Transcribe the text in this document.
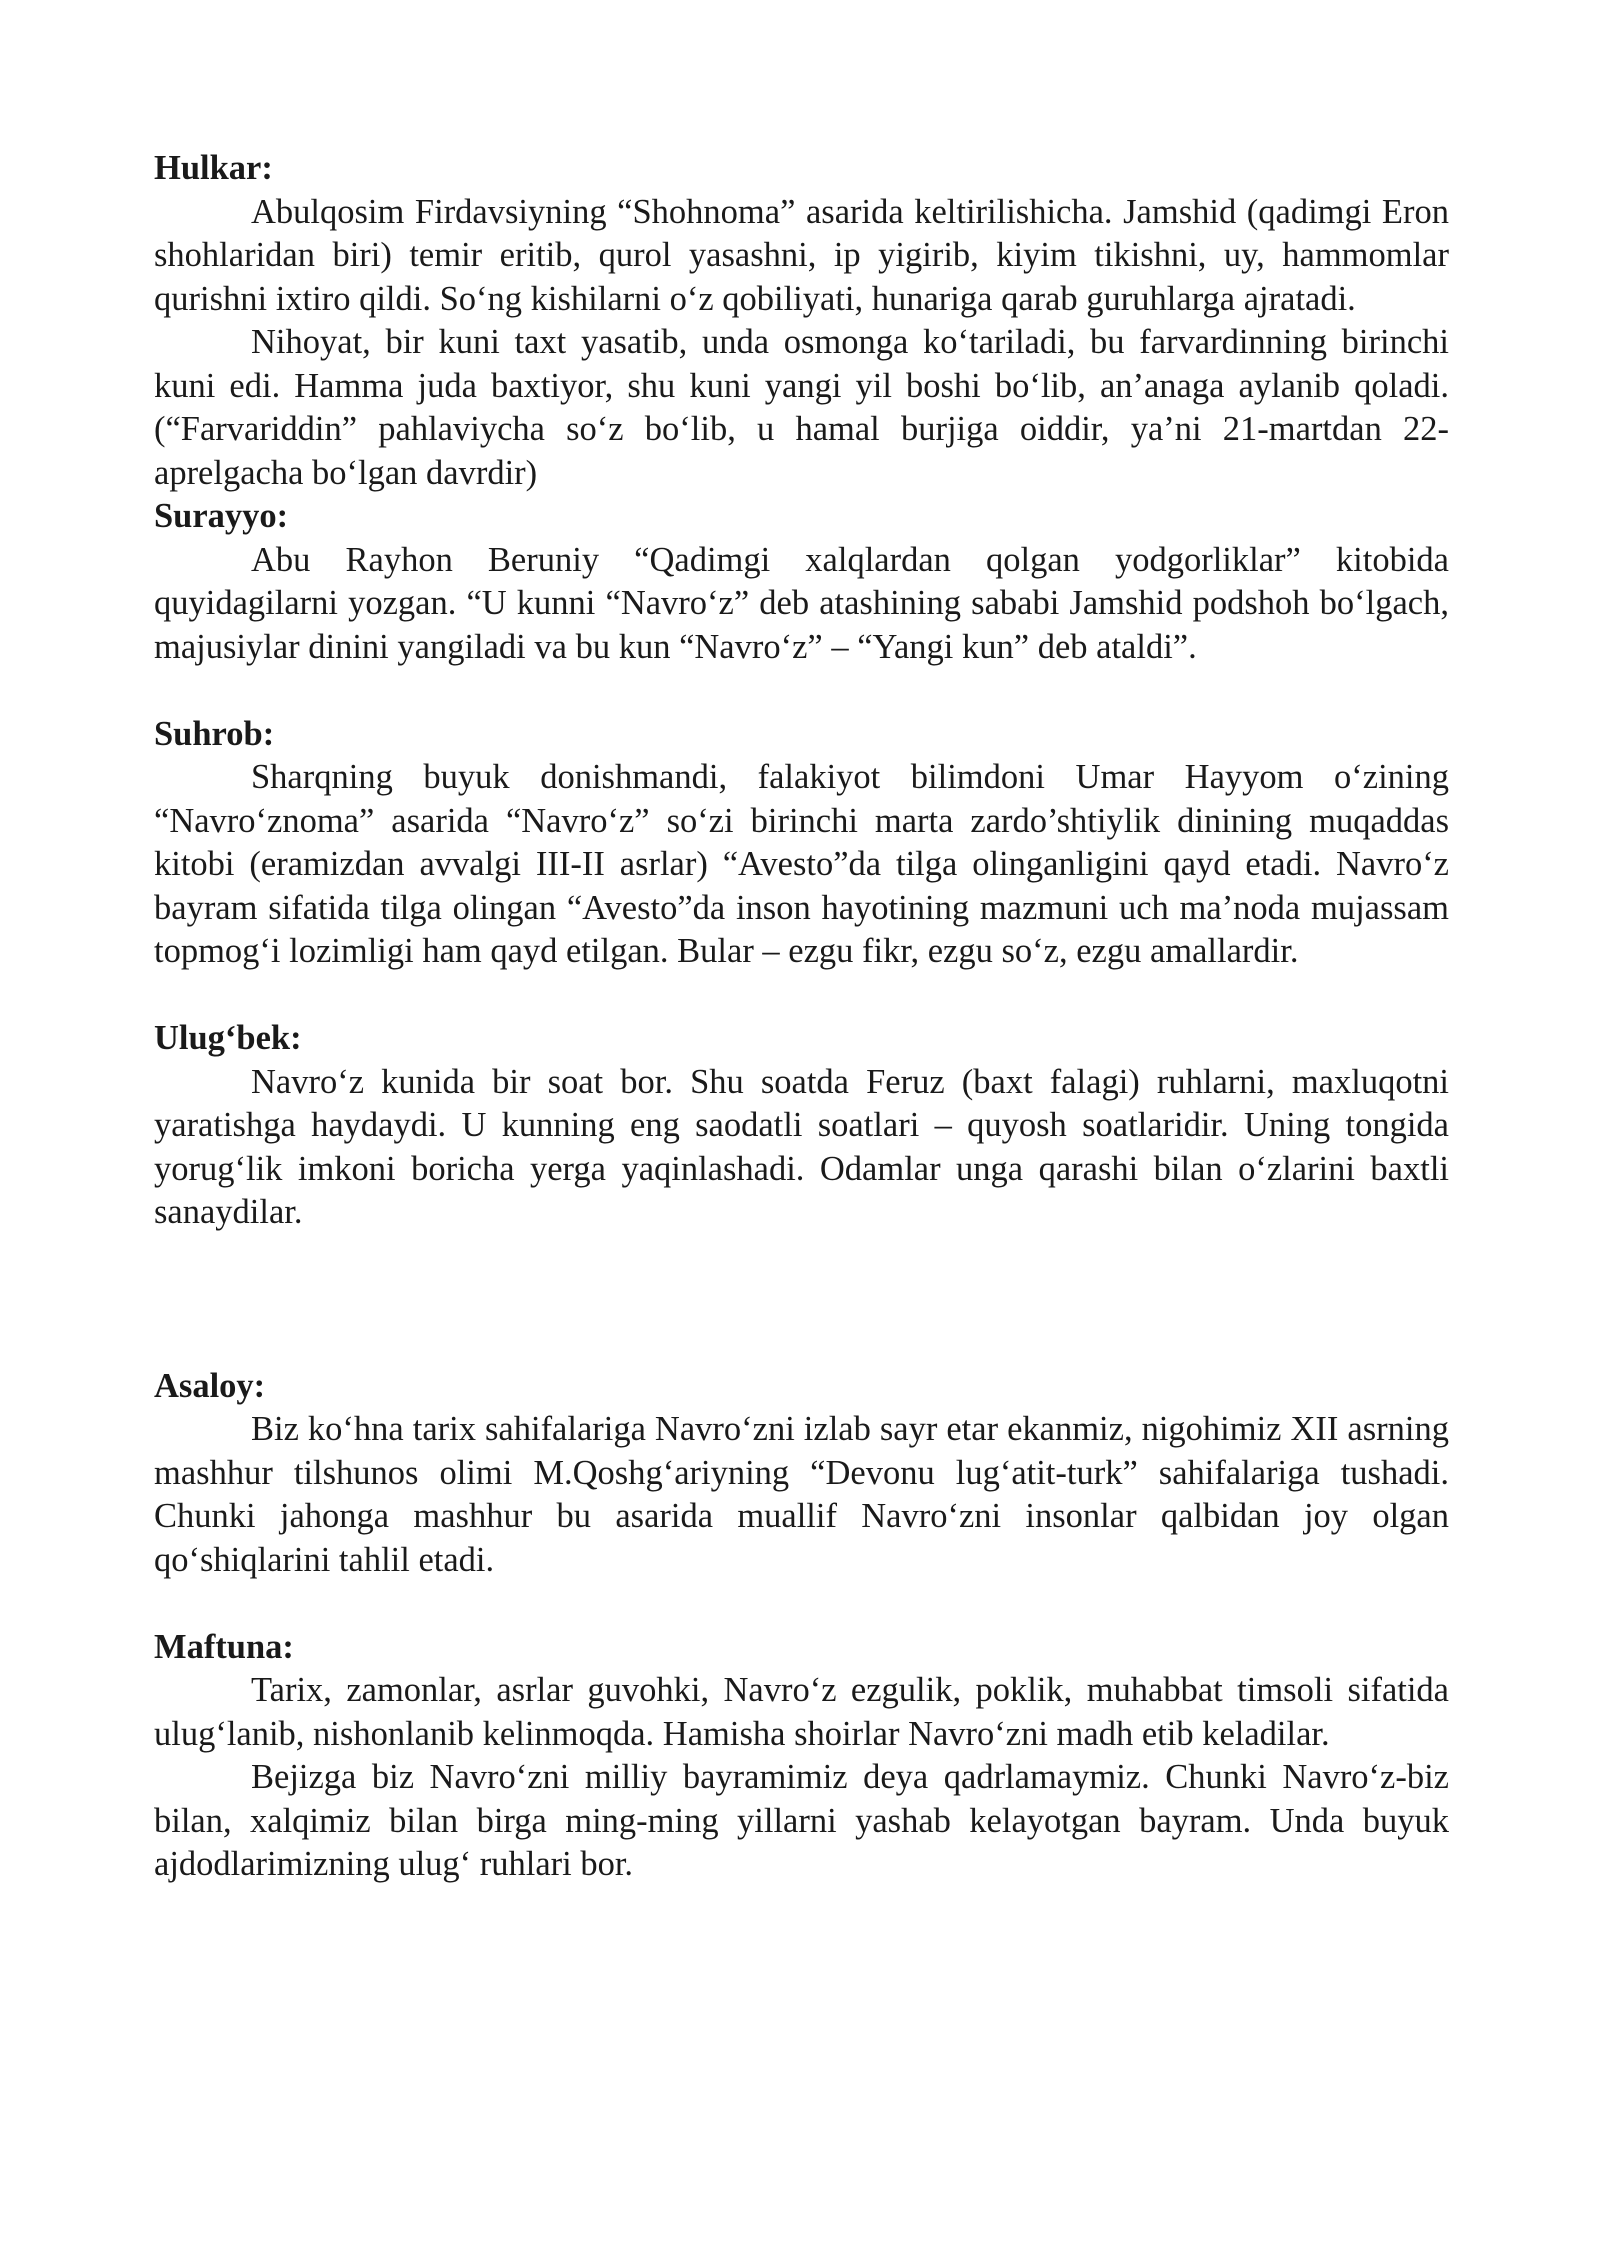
Hulkar:

Abulqosim Firdavsiyning “Shohnoma” asarida keltirilishicha. Jamshid (qadimgi Eron shohlaridan biri) temir eritib, qurol yasashni, ip yigirib, kiyim tikishni, uy, hammomlar qurishni ixtiro qildi. So‘ng kishilarni o‘z qobiliyati, hunariga qarab guruhlarga ajratadi.

Nihoyat, bir kuni taxt yasatib, unda osmonga ko‘tariladi, bu farvardinning birinchi kuni edi. Hamma juda baxtiyor, shu kuni yangi yil boshi bo‘lib, an’anaga aylanib qoladi. (“Farvariddin” pahlaviycha so‘z bo‘lib, u hamal burjiga oiddir, ya’ni 21-martdan 22-aprelgacha bo‘lgan davrdir)

Surayyo:

Abu Rayhon Beruniy “Qadimgi xalqlardan qolgan yodgorliklar” kitobida quyidagilarni yozgan. “U kunni “Navro‘z” deb atashining sababi Jamshid podshoh bo‘lgach, majusiylar dinini yangiladi va bu kun “Navro‘z” – “Yangi kun” deb ataldi”.

Suhrob:

Sharqning buyuk donishmandi, falakiyot bilimdoni Umar Hayyom o‘zining “Navro‘znoma” asarida “Navro‘z” so‘zi birinchi marta zardo’shtiylik dinining muqaddas kitobi (eramizdan avvalgi III-II asrlar) “Avesto”da tilga olinganligini qayd etadi. Navro‘z bayram sifatida tilga olingan “Avesto”da inson hayotining mazmuni uch ma’noda mujassam topmog‘i lozimligi ham qayd etilgan. Bular – ezgu fikr, ezgu so‘z, ezgu amallardir.

Ulug‘bek:

Navro‘z kunida bir soat bor. Shu soatda Feruz (baxt falagi) ruhlarni, maxluqotni yaratishga haydaydi. U kunning eng saodatli soatlari – quyosh soatlaridir. Uning tongida yorug‘lik imkoni boricha yerga yaqinlashadi. Odamlar unga qarashi bilan o‘zlarini baxtli sanaydilar.

Asaloy:

Biz ko‘hna tarix sahifalariga Navro‘zni izlab sayr etar ekanmiz, nigohimiz XII asrning mashhur tilshunos olimi M.Qoshg‘ariyning “Devonu lug‘atit-turk” sahifalariga tushadi. Chunki jahonga mashhur bu asarida muallif Navro‘zni insonlar qalbidan joy olgan qo‘shiqlarini tahlil etadi.

Maftuna:

Tarix, zamonlar, asrlar guvohki, Navro‘z ezgulik, poklik, muhabbat timsoli sifatida ulug‘lanib, nishonlanib kelinmoqda. Hamisha shoirlar Navro‘zni madh etib keladilar.

Bejizga biz Navro‘zni milliy bayramimiz deya qadrlamaymiz. Chunki Navro‘z-biz bilan, xalqimiz bilan birga ming-ming yillarni yashab kelayotgan bayram. Unda buyuk ajdodlarimizning ulug‘ ruhlari bor.
